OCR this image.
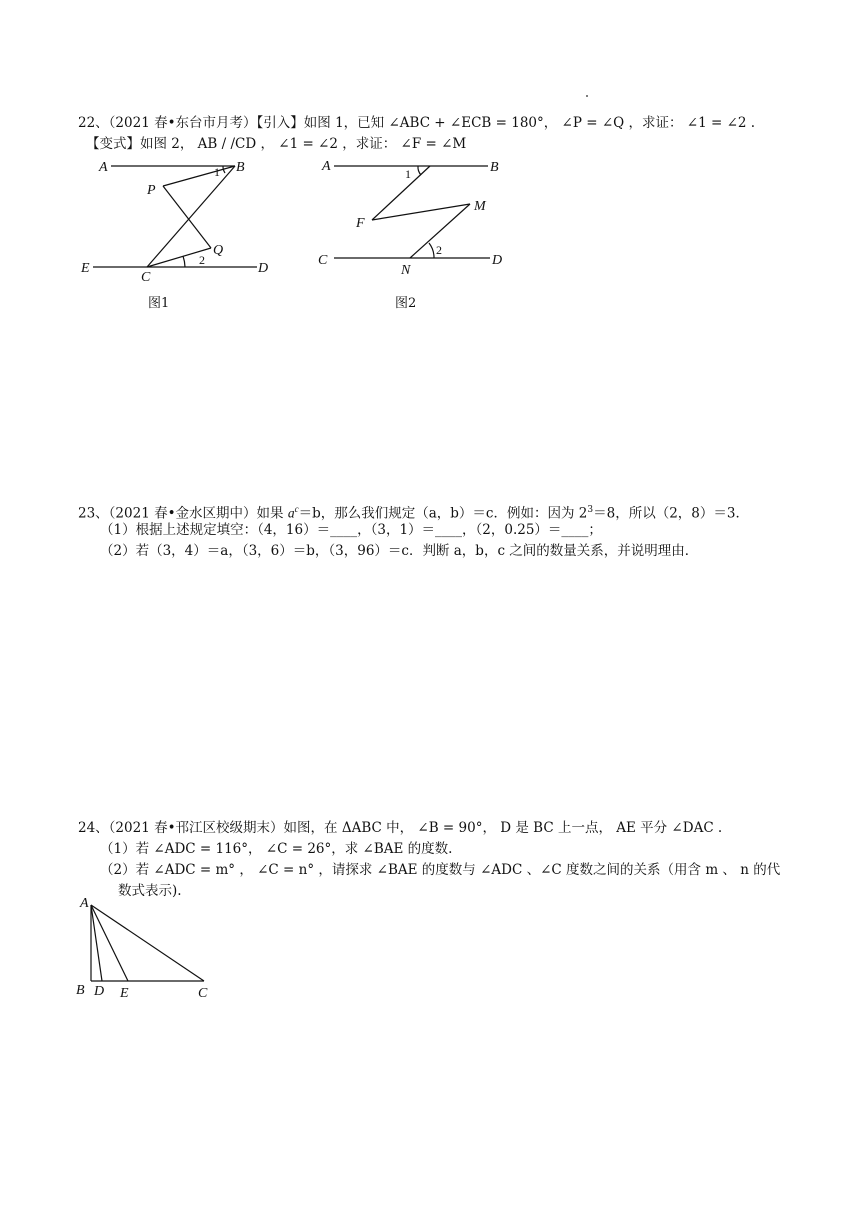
22、（2021 春•东台市月考）【引入】如图 1，已知 ∠ABC + ∠ECB = 180°， ∠P = ∠Q ，求证： ∠1 = ∠2 .
【变式】如图 2， AB / /CD ， ∠1 = ∠2 ，求证： ∠F = ∠M
A	B
P
Q
E
C
D
1
2
图1
A	B
F
M
C
N
D
1
2
图2
23、（2021 春•金水区期中）如果 $a^c=b$，那么我们规定（a，b）＝c．例如：因为 $2^3=8$，所以（2，8）＝3．
（1）根据上述规定填空：（4，16）＝____，（3，1）＝____，（2，0.25）＝____；
（2）若（3，4）＝a，（3，6）＝b，（3，96）＝c．判断 a，b，c 之间的数量关系，并说明理由．
24、（2021 春•邗江区校级期末）如图，在 ΔABC 中， ∠B = 90°， D 是 BC 上一点， AE 平分 ∠DAC .
（1）若 ∠ADC = 116°， ∠C = 26°，求 ∠BAE 的度数.
（2）若 ∠ADC = m° ， ∠C = n° ，请探求 ∠BAE 的度数与 ∠ADC 、∠C 度数之间的关系（用含 m 、 n 的代
数式表示).
A
B D E	C
